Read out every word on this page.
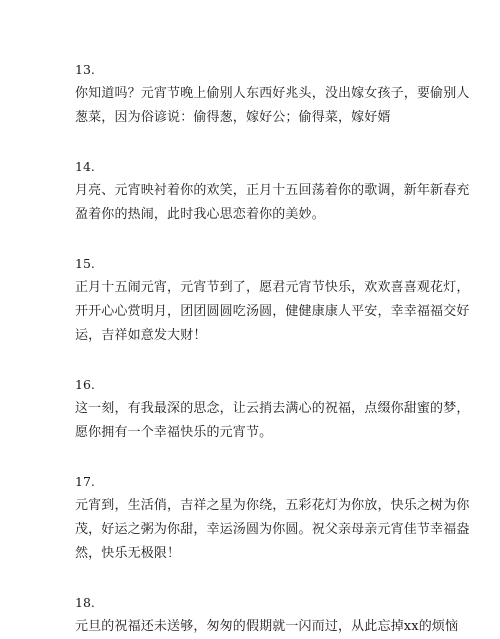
13.

你知道吗？元宵节晚上偷别人东西好兆头，没出嫁女孩子，要偷别人

葱菜，因为俗谚说：偷得葱，嫁好公；偷得菜，嫁好婿

14.

月亮、元宵映衬着你的欢笑，正月十五回荡着你的歌调，新年新春充

盈着你的热闹，此时我心思恋着你的美妙。

15.

正月十五闹元宵，元宵节到了，愿君元宵节快乐，欢欢喜喜观花灯，

开开心心赏明月，团团圆圆吃汤圆，健健康康人平安，幸幸福福交好

运，吉祥如意发大财！

16.

这一刻，有我最深的思念，让云捎去满心的祝福，点缀你甜蜜的梦，

愿你拥有一个幸福快乐的元宵节。

17.

元宵到，生活俏，吉祥之星为你绕，五彩花灯为你放，快乐之树为你

茂，好运之粥为你甜，幸运汤圆为你圆。祝父亲母亲元宵佳节幸福盎

然，快乐无极限！

18.

元旦的祝福还未送够，匆匆的假期就一闪而过，从此忘掉xx的烦恼
